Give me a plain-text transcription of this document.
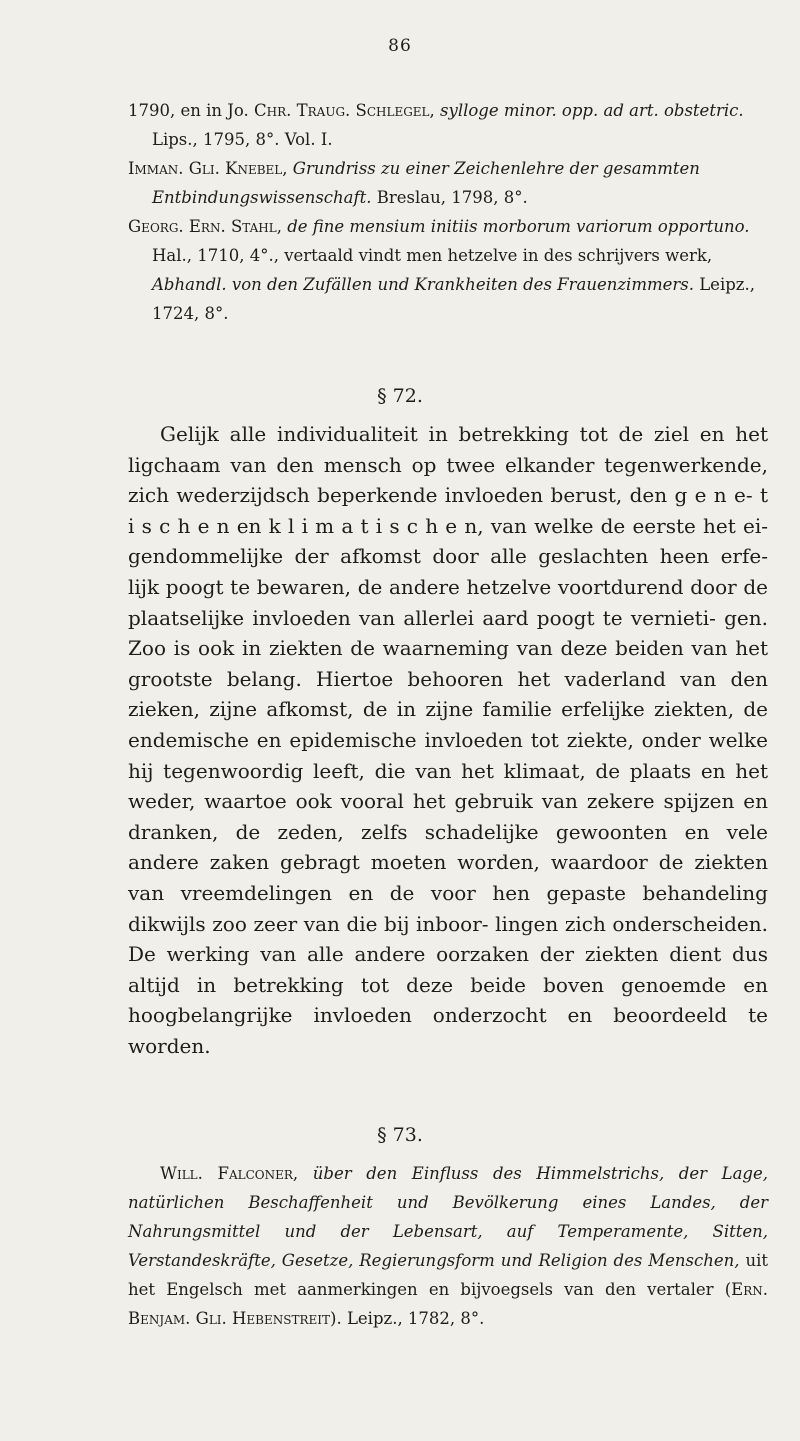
86

1790, en in Jo. Chr. Traug. Schlegel, sylloge minor. opp. ad art. obstetric. Lips., 1795, 8°. Vol. I.

Imman. Gli. Knebel, Grundriss zu einer Zeichenlehre der gesammten Entbindungswissenschaft. Breslau, 1798, 8°.

Georg. Ern. Stahl, de fine mensium initiis morborum variorum opportuno. Hal., 1710, 4°., vertaald vindt men hetzelve in des schrijvers werk, Abhandl. von den Zufällen und Krankheiten des Frauenzimmers. Leipz., 1724, 8°.

§ 72.

Gelijk alle individualiteit in betrekking tot de ziel en het ligchaam van den mensch op twee elkander tegenwerkende, zich wederzijdsch beperkende invloeden berust, den g e n e- t i s c h e n en k l i m a t i s c h e n, van welke de eerste het ei- gendommelijke der afkomst door alle geslachten heen erfe- lijk poogt te bewaren, de andere hetzelve voortdurend door de plaatselijke invloeden van allerlei aard poogt te vernieti- gen. Zoo is ook in ziekten de waarneming van deze beiden van het grootste belang. Hiertoe behooren het vaderland van den zieken, zijne afkomst, de in zijne familie erfelijke ziekten, de endemische en epidemische invloeden tot ziekte, onder welke hij tegenwoordig leeft, die van het klimaat, de plaats en het weder, waartoe ook vooral het gebruik van zekere spijzen en dranken, de zeden, zelfs schadelijke gewoonten en vele andere zaken gebragt moeten worden, waardoor de ziekten van vreemdelingen en de voor hen gepaste behandeling dikwijls zoo zeer van die bij inboor- lingen zich onderscheiden. De werking van alle andere oorzaken der ziekten dient dus altijd in betrekking tot deze beide boven genoemde en hoogbelangrijke invloeden onderzocht en beoordeeld te worden.

§ 73.

Will. Falconer, über den Einfluss des Himmelstrichs, der Lage, natürlichen Beschaffenheit und Bevölkerung eines Landes, der Nahrungsmittel und der Lebensart, auf Temperamente, Sitten, Verstandeskräfte, Gesetze, Regierungsform und Religion des Menschen, uit het Engelsch met aanmerkingen en bijvoegsels van den vertaler (Ern. Benjam. Gli. Hebenstreit). Leipz., 1782, 8°.
